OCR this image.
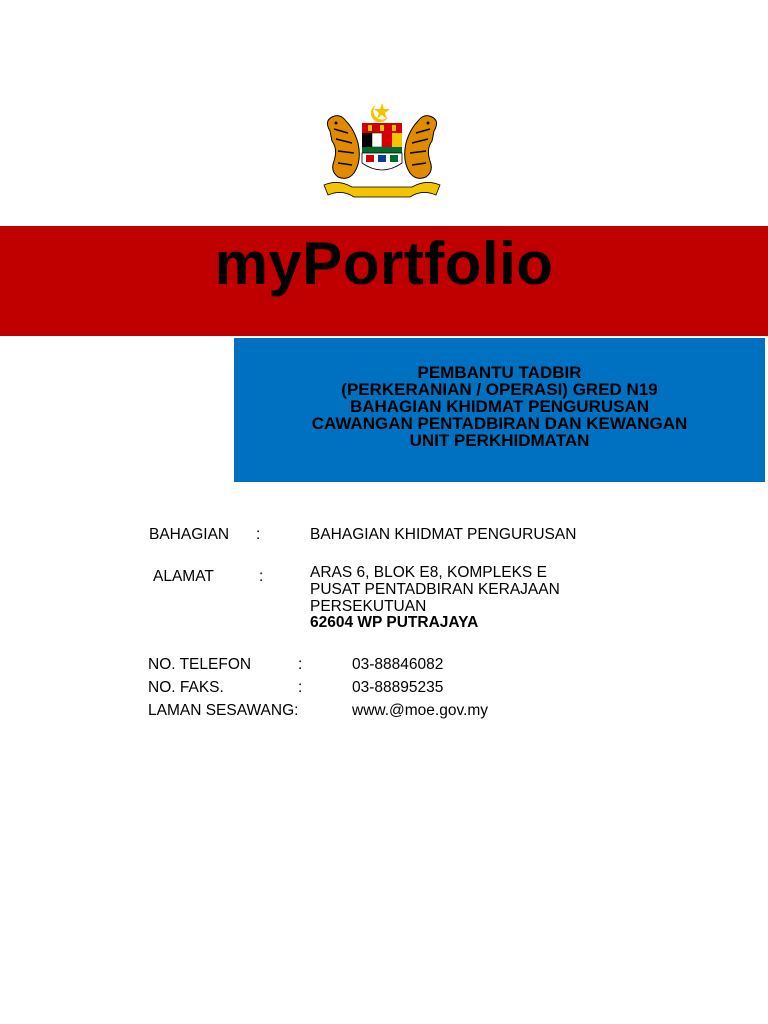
myPortfolio
PEMBANTU TADBIR
(PERKERANIAN / OPERASI) GRED N19
BAHAGIAN KHIDMAT PENGURUSAN
CAWANGAN PENTADBIRAN DAN KEWANGAN
UNIT PERKHIDMATAN
BAHAGIAN :	BAHAGIAN KHIDMAT PENGURUSAN
ALAMAT	:	ARAS 6, BLOK E8, KOMPLEKS E
PUSAT PENTADBIRAN KERAJAAN
PERSEKUTUAN
62604 WP PUTRAJAYA
NO. TELEFON	:	03-88846082
NO. FAKS.	:	03-88895235
LAMAN SESAWANG:	www.@moe.gov.my
